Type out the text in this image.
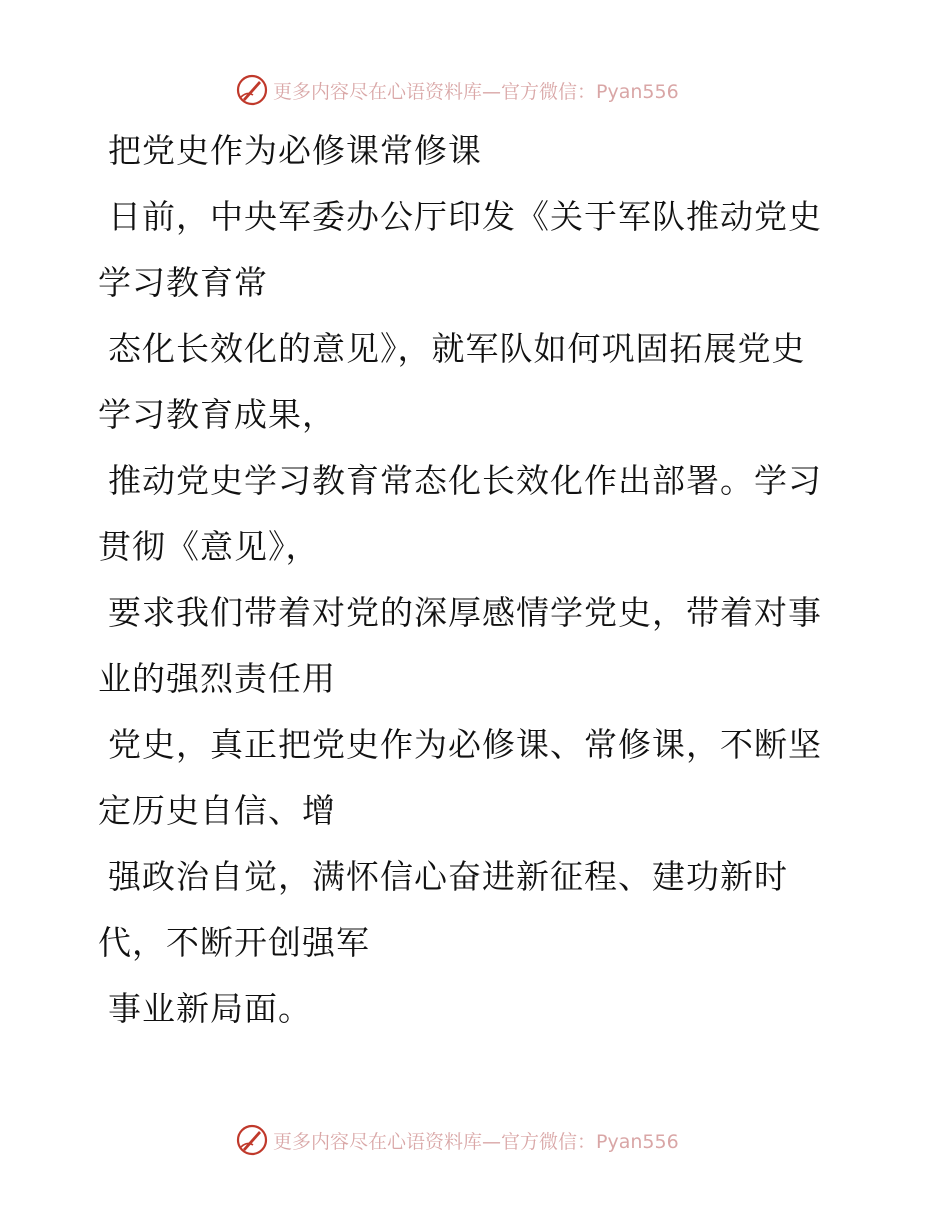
更多内容尽在心语资料库—官方微信：Pyan556
把党史作为必修课常修课
日前，中央军委办公厅印发《关于军队推动党史
学习教育常
态化长效化的意见》，就军队如何巩固拓展党史
学习教育成果，
推动党史学习教育常态化长效化作出部署。学习
贯彻《意见》，
要求我们带着对党的深厚感情学党史，带着对事
业的强烈责任用
党史，真正把党史作为必修课、常修课，不断坚
定历史自信、增
强政治自觉，满怀信心奋进新征程、建功新时
代，不断开创强军
事业新局面。
更多内容尽在心语资料库—官方微信：Pyan556
